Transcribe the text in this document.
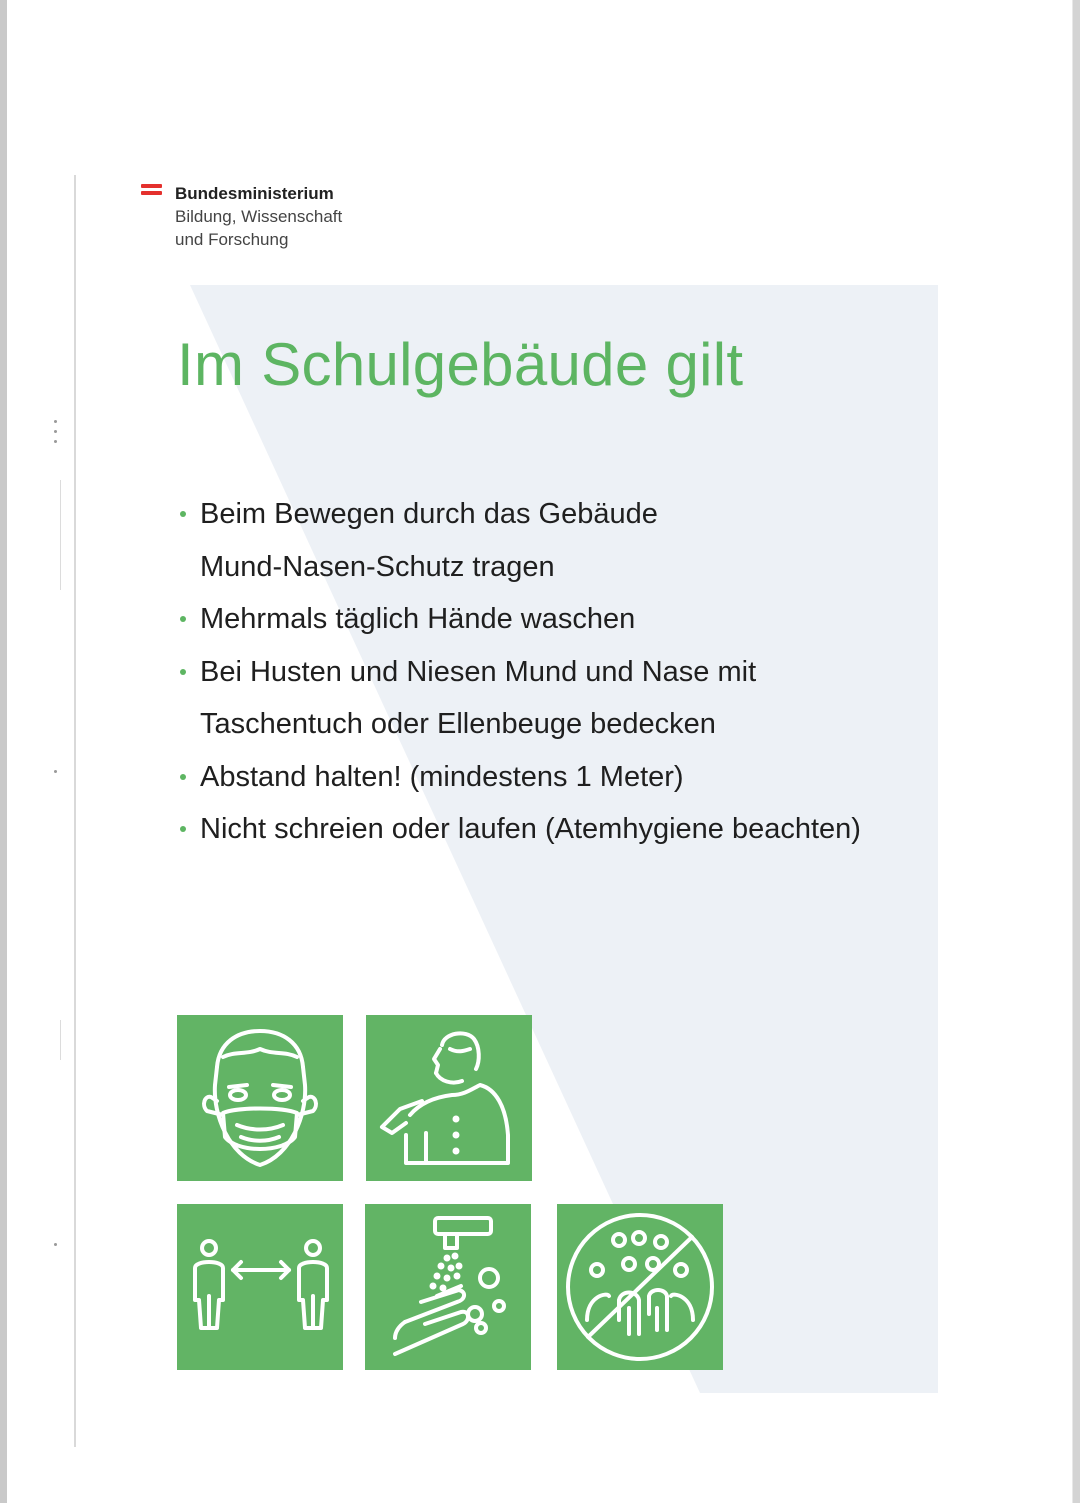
Bundesministerium
Bildung, Wissenschaft
und Forschung
Im Schulgebäude gilt
Beim Bewegen durch das Gebäude
Mund-Nasen-Schutz tragen
Mehrmals täglich Hände waschen
Bei Husten und Niesen Mund und Nase mit
Taschentuch oder Ellenbeuge bedecken
Abstand halten! (mindestens 1 Meter)
Nicht schreien oder laufen (Atemhygiene beachten)
